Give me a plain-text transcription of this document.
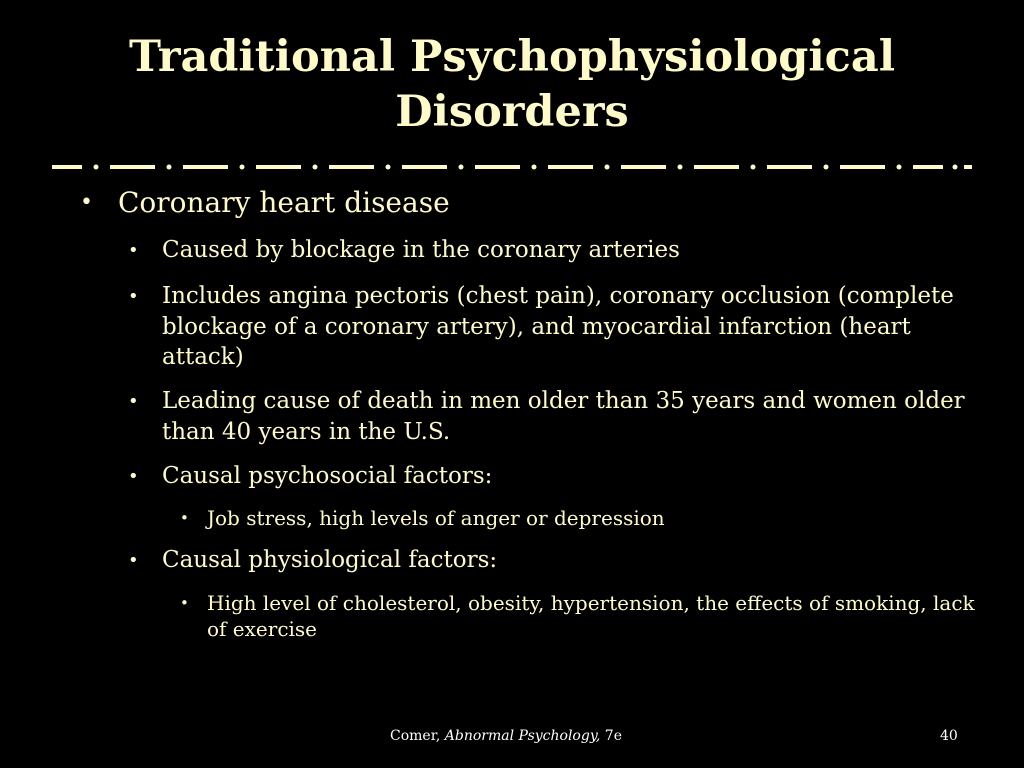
Traditional Psychophysiological Disorders
• Coronary heart disease
• Caused by blockage in the coronary arteries
• Includes angina pectoris (chest pain), coronary occlusion (complete blockage of a coronary artery), and myocardial infarction (heart attack)
• Leading cause of death in men older than 35 years and women older than 40 years in the U.S.
• Causal psychosocial factors:
• Job stress, high levels of anger or depression
• Causal physiological factors:
• High level of cholesterol, obesity, hypertension, the effects of smoking, lack of exercise
Comer, Abnormal Psychology, 7e	40
